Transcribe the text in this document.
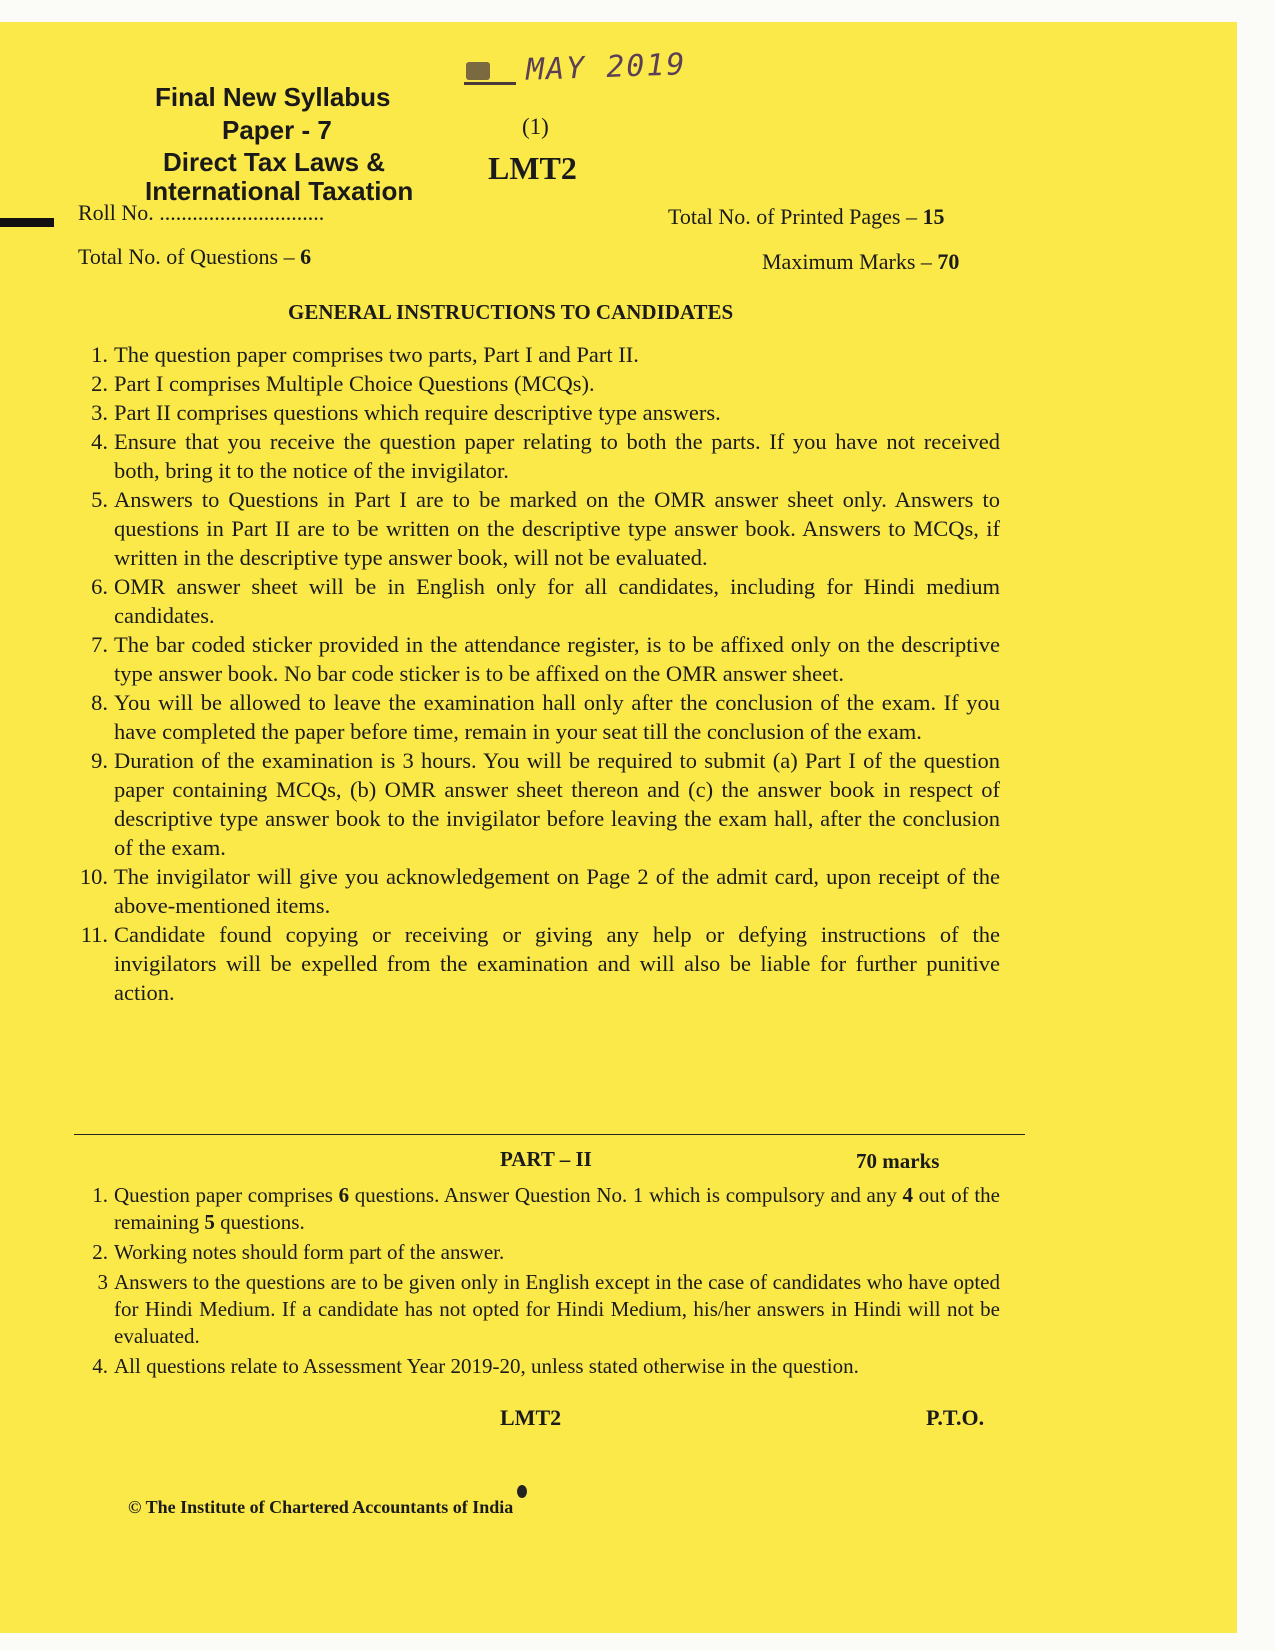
MAY 2019
Final New Syllabus
Paper - 7
Direct Tax Laws &
International Taxation
(1)
LMT2
Roll No. ..............................	Total No. of Printed Pages – 15
Total No. of Questions – 6	Maximum Marks – 70
GENERAL INSTRUCTIONS TO CANDIDATES
1. The question paper comprises two parts, Part I and Part II.
2. Part I comprises Multiple Choice Questions (MCQs).
3. Part II comprises questions which require descriptive type answers.
4. Ensure that you receive the question paper relating to both the parts. If you have not received both, bring it to the notice of the invigilator.
5. Answers to Questions in Part I are to be marked on the OMR answer sheet only. Answers to questions in Part II are to be written on the descriptive type answer book. Answers to MCQs, if written in the descriptive type answer book, will not be evaluated.
6. OMR answer sheet will be in English only for all candidates, including for Hindi medium candidates.
7. The bar coded sticker provided in the attendance register, is to be affixed only on the descriptive type answer book. No bar code sticker is to be affixed on the OMR answer sheet.
8. You will be allowed to leave the examination hall only after the conclusion of the exam. If you have completed the paper before time, remain in your seat till the conclusion of the exam.
9. Duration of the examination is 3 hours. You will be required to submit (a) Part I of the question paper containing MCQs, (b) OMR answer sheet thereon and (c) the answer book in respect of descriptive type answer book to the invigilator before leaving the exam hall, after the conclusion of the exam.
10. The invigilator will give you acknowledgement on Page 2 of the admit card, upon receipt of the above-mentioned items.
11. Candidate found copying or receiving or giving any help or defying instructions of the invigilators will be expelled from the examination and will also be liable for further punitive action.
PART – II	70 marks
1. Question paper comprises 6 questions. Answer Question No. 1 which is compulsory and any 4 out of the remaining 5 questions.
2. Working notes should form part of the answer.
3 Answers to the questions are to be given only in English except in the case of candidates who have opted for Hindi Medium. If a candidate has not opted for Hindi Medium, his/her answers in Hindi will not be evaluated.
4. All questions relate to Assessment Year 2019-20, unless stated otherwise in the question.
LMT2	P.T.O.
© The Institute of Chartered Accountants of India
